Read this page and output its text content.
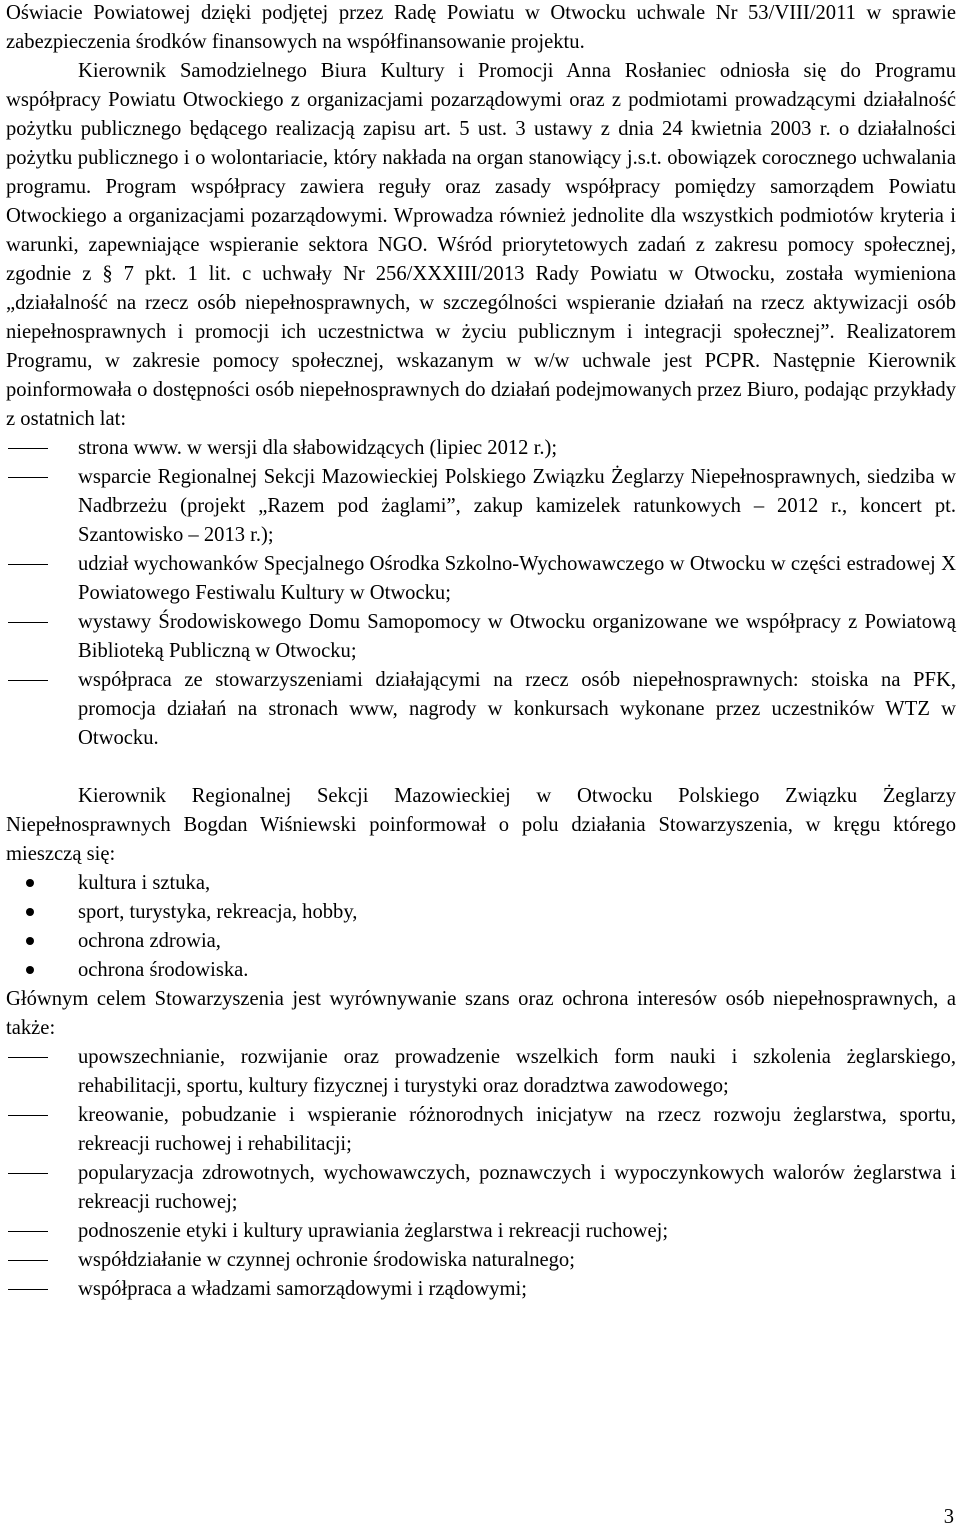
Oświacie Powiatowej dzięki podjętej przez Radę Powiatu w Otwocku uchwale Nr 53/VIII/2011 w sprawie zabezpieczenia środków finansowych na współfinansowanie projektu.

Kierownik Samodzielnego Biura Kultury i Promocji Anna Rosłaniec odniosła się do Programu współpracy Powiatu Otwockiego z organizacjami pozarządowymi oraz z podmiotami prowadzącymi działalność pożytku publicznego będącego realizacją zapisu art. 5 ust. 3 ustawy z dnia 24 kwietnia 2003 r. o działalności pożytku publicznego i o wolontariacie, który nakłada na organ stanowiący j.s.t. obowiązek corocznego uchwalania programu. Program współpracy zawiera reguły oraz zasady współpracy pomiędzy samorządem Powiatu Otwockiego a organizacjami pozarządowymi. Wprowadza również jednolite dla wszystkich podmiotów kryteria i warunki, zapewniające wspieranie sektora NGO. Wśród priorytetowych zadań z zakresu pomocy społecznej, zgodnie z § 7 pkt. 1 lit. c uchwały Nr 256/XXXIII/2013 Rady Powiatu w Otwocku, została wymieniona „działalność na rzecz osób niepełnosprawnych, w szczególności wspieranie działań na rzecz aktywizacji osób niepełnosprawnych i promocji ich uczestnictwa w życiu publicznym i integracji społecznej”. Realizatorem Programu, w zakresie pomocy społecznej, wskazanym w w/w uchwale jest PCPR. Następnie Kierownik poinformowała o dostępności osób niepełnosprawnych do działań podejmowanych przez Biuro, podając przykłady z ostatnich lat:

strona www. w wersji dla słabowidzących (lipiec 2012 r.);
wsparcie Regionalnej Sekcji Mazowieckiej Polskiego Związku Żeglarzy Niepełnosprawnych, siedziba w Nadbrzeżu (projekt „Razem pod żaglami”, zakup kamizelek ratunkowych – 2012 r., koncert pt. Szantowisko – 2013 r.);
udział wychowanków Specjalnego Ośrodka Szkolno-Wychowawczego w Otwocku w części estradowej X Powiatowego Festiwalu Kultury w Otwocku;
wystawy Środowiskowego Domu Samopomocy w Otwocku organizowane we współpracy z Powiatową Biblioteką Publiczną w Otwocku;
współpraca ze stowarzyszeniami działającymi na rzecz osób niepełnosprawnych: stoiska na PFK, promocja działań na stronach www, nagrody w konkursach wykonane przez uczestników WTZ w Otwocku.

Kierownik Regionalnej Sekcji Mazowieckiej w Otwocku Polskiego Związku Żeglarzy Niepełnosprawnych Bogdan Wiśniewski poinformował o polu działania Stowarzyszenia, w kręgu którego mieszczą się:

kultura i sztuka,
sport, turystyka, rekreacja, hobby,
ochrona zdrowia,
ochrona środowiska.

Głównym celem Stowarzyszenia jest wyrównywanie szans oraz ochrona interesów osób niepełnosprawnych, a także:

upowszechnianie, rozwijanie oraz prowadzenie wszelkich form nauki i szkolenia żeglarskiego, rehabilitacji, sportu, kultury fizycznej i turystyki oraz doradztwa zawodowego;
kreowanie, pobudzanie i wspieranie różnorodnych inicjatyw na rzecz rozwoju żeglarstwa, sportu, rekreacji ruchowej i rehabilitacji;
popularyzacja zdrowotnych, wychowawczych, poznawczych i wypoczynkowych walorów żeglarstwa i rekreacji ruchowej;
podnoszenie etyki i kultury uprawiania żeglarstwa i rekreacji ruchowej;
współdziałanie w czynnej ochronie środowiska naturalnego;
współpraca a władzami samorządowymi i rządowymi;
3
